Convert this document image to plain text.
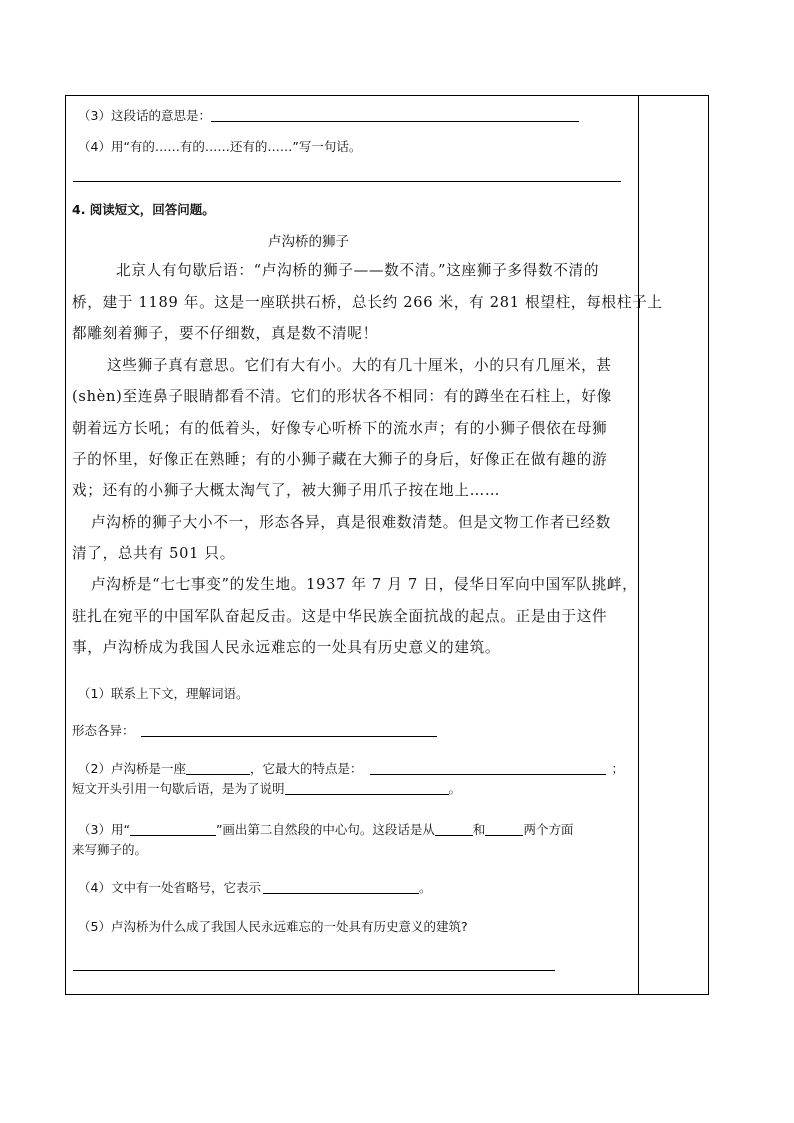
（3）这段话的意思是：
（4）用“有的……有的……还有的……”写一句话。
4. 阅读短文，回答问题。
卢沟桥的狮子
北京人有句歇后语：“卢沟桥的狮子——数不清。”这座狮子多得数不清的
桥，建于 1189 年。这是一座联拱石桥，总长约 266 米，有 281 根望柱，每根柱子上
都雕刻着狮子，要不仔细数，真是数不清呢！
这些狮子真有意思。它们有大有小。大的有几十厘米，小的只有几厘米，甚
(shèn)至连鼻子眼睛都看不清。它们的形状各不相同：有的蹲坐在石柱上，好像
朝着远方长吼；有的低着头，好像专心听桥下的流水声；有的小狮子偎依在母狮
子的怀里，好像正在熟睡；有的小狮子藏在大狮子的身后，好像正在做有趣的游
戏；还有的小狮子大概太淘气了，被大狮子用爪子按在地上……
卢沟桥的狮子大小不一，形态各异，真是很难数清楚。但是文物工作者已经数
清了，总共有 501 只。
卢沟桥是“七七事变”的发生地。1937 年 7 月 7 日，侵华日军向中国军队挑衅，
驻扎在宛平的中国军队奋起反击。这是中华民族全面抗战的起点。正是由于这件
事，卢沟桥成为我国人民永远难忘的一处具有历史意义的建筑。
（1）联系上下文，理解词语。
形态各异：
（2）卢沟桥是一座	，它最大的特点是：	；
短文开头引用一句歇后语，是为了说明	。
（3）用“	”画出第二自然段的中心句。这段话是从	和	两个方面
来写狮子的。
（4）文中有一处省略号，它表示	。
（5）卢沟桥为什么成了我国人民永远难忘的一处具有历史意义的建筑?
